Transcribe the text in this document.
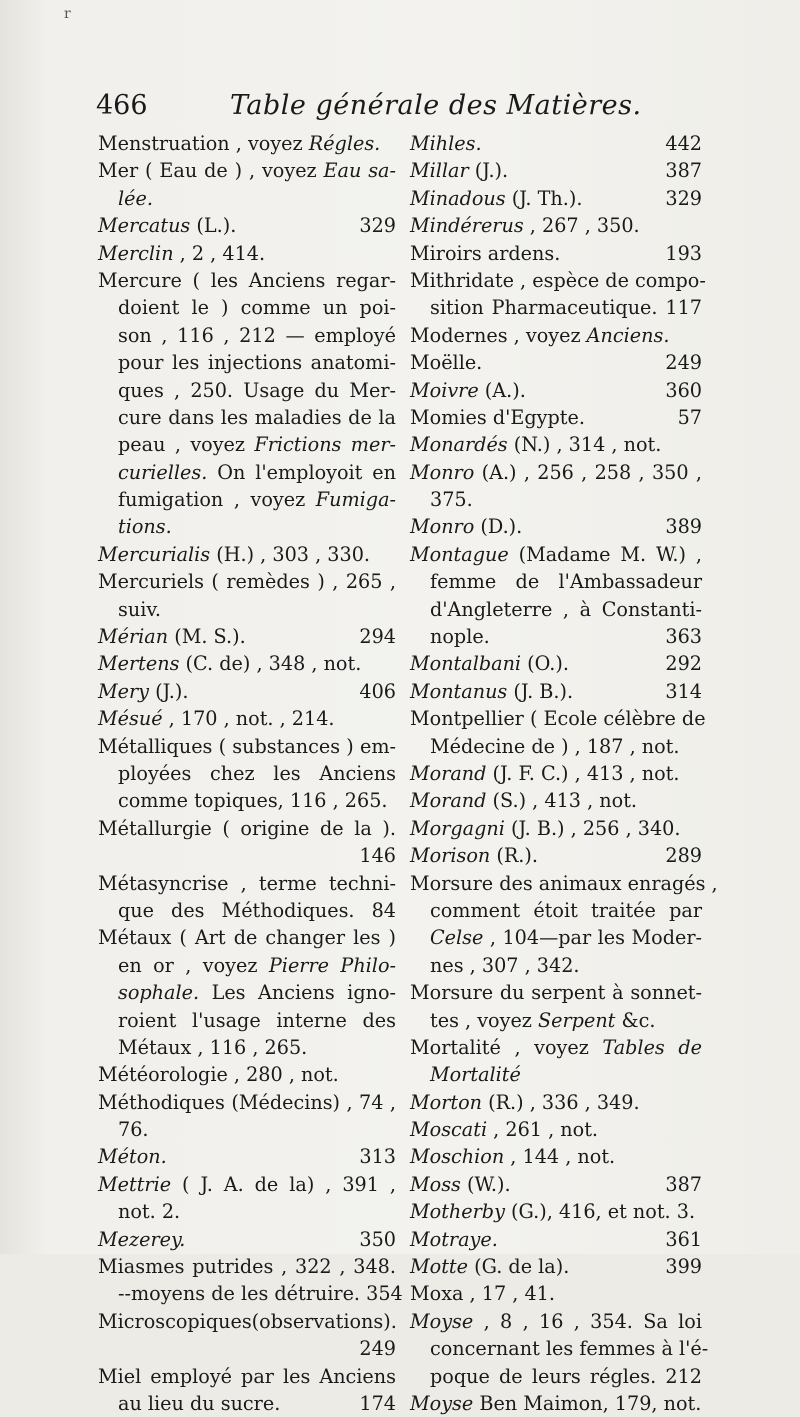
r
466	Table générale des Matières.
Menstruation , voyez Régles.
Mer ( Eau de ) , voyez Eau sa-
lée.
Mercatus (L.).	329
Merclin , 2 , 414.
Mercure ( les Anciens regar-
doient le ) comme un poi-
son , 116 , 212 — employé
pour les injections anatomi-
ques , 250. Usage du Mer-
cure dans les maladies de la
peau , voyez Frictions mer-
curielles. On l'employoit en
fumigation , voyez Fumiga-
tions.
Mercurialis (H.) , 303 , 330.
Mercuriels ( remèdes ) , 265 ,
suiv.
Mérian (M. S.).	294
Mertens (C. de) , 348 , not.
Mery (J.).	406
Mésué , 170 , not. , 214.
Métalliques ( substances ) em-
ployées chez les Anciens
comme topiques, 116 , 265.
Métallurgie ( origine de la ).
146
Métasyncrise , terme techni-
que des Méthodiques. 84
Métaux ( Art de changer les )
en or , voyez Pierre Philo-
sophale. Les Anciens igno-
roient l'usage interne des
Métaux , 116 , 265.
Météorologie , 280 , not.
Méthodiques (Médecins) , 74 ,
76.
Méton.	313
Mettrie ( J. A. de la) , 391 ,
not. 2.
Mezerey.	350
Miasmes putrides , 322 , 348.
--moyens de les détruire. 354
Microscopiques(observations).
249
Miel employé par les Anciens
au lieu du sucre.	174
Mihles.	442
Millar (J.).	387
Minadous (J. Th.).	329
Mindérerus , 267 , 350.
Miroirs ardens.	193
Mithridate , espèce de compo-
sition Pharmaceutique. 117
Modernes , voyez Anciens.
Moëlle.	249
Moivre (A.).	360
Momies d'Egypte.	57
Monardés (N.) , 314 , not.
Monro (A.) , 256 , 258 , 350 ,
375.
Monro (D.).	389
Montague (Madame M. W.) ,
femme de l'Ambassadeur
d'Angleterre , à Constanti-
nople.	363
Montalbani (O.).	292
Montanus (J. B.).	314
Montpellier ( Ecole célèbre de
Médecine de ) , 187 , not.
Morand (J. F. C.) , 413 , not.
Morand (S.) , 413 , not.
Morgagni (J. B.) , 256 , 340.
Morison (R.).	289
Morsure des animaux enragés ,
comment étoit traitée par
Celse , 104—par les Moder-
nes , 307 , 342.
Morsure du serpent à sonnet-
tes , voyez Serpent &c.
Mortalité , voyez Tables de
Mortalité
Morton (R.) , 336 , 349.
Moscati , 261 , not.
Moschion , 144 , not.
Moss (W.).	387
Motherby (G.), 416, et not. 3.
Motraye.	361
Motte (G. de la).	399
Moxa , 17 , 41.
Moyse , 8 , 16 , 354. Sa loi
concernant les femmes à l'é-
poque de leurs régles. 212
Moyse Ben Maimon, 179, not.
